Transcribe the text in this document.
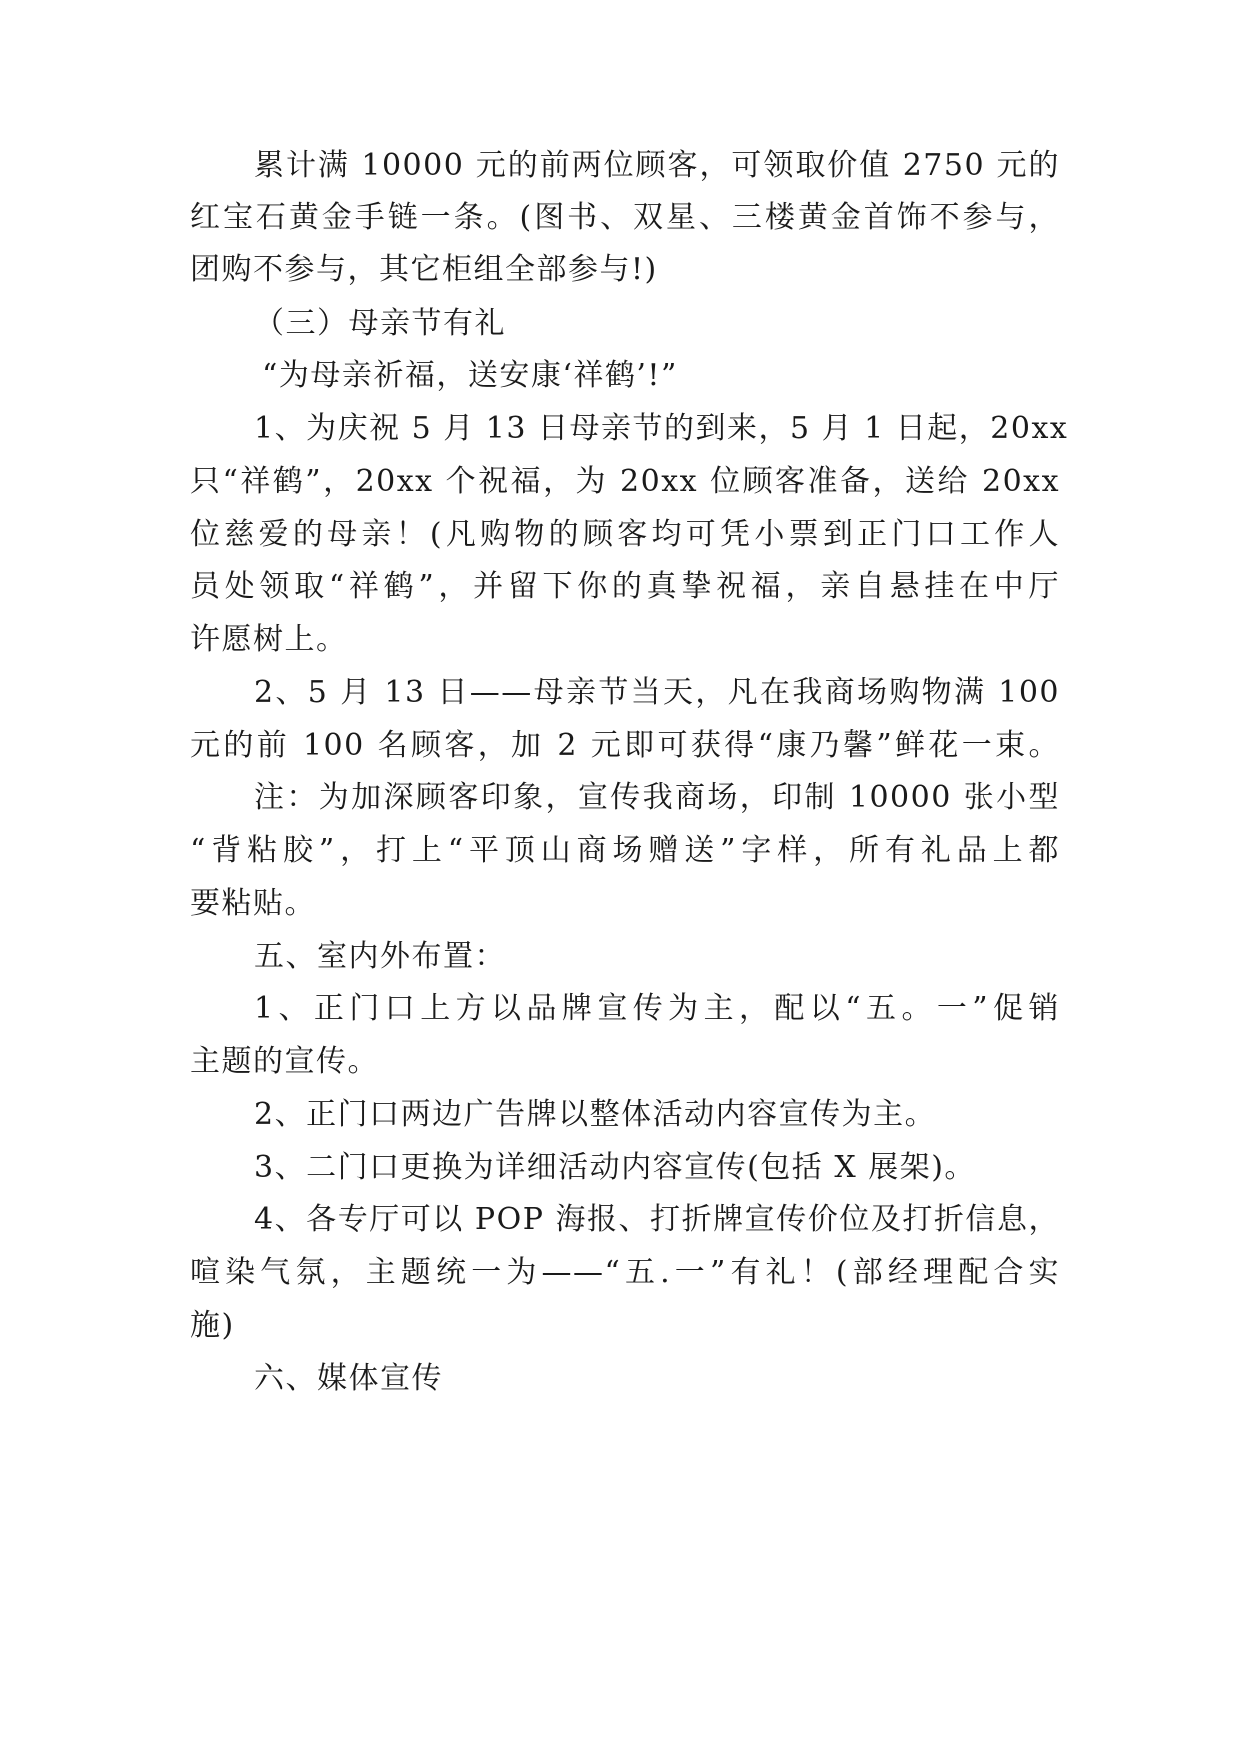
累计满 10000 元的前两位顾客，可领取价值 2750 元的
红宝石黄金手链一条。(图书、双星、三楼黄金首饰不参与，
团购不参与，其它柜组全部参与!)
（三）母亲节有礼
“为母亲祈福，送安康‘祥鹤’!”
1、为庆祝 5 月 13 日母亲节的到来，5 月 1 日起，20xx
只“祥鹤”，20xx 个祝福，为 20xx 位顾客准备，送给 20xx
位慈爱的母亲！(凡购物的顾客均可凭小票到正门口工作人
员处领取“祥鹤”，并留下你的真挚祝福，亲自悬挂在中厅
许愿树上。
2、5 月 13 日——母亲节当天，凡在我商场购物满 100
元的前 100 名顾客，加 2 元即可获得“康乃馨”鲜花一束。
注：为加深顾客印象，宣传我商场，印制 10000 张小型
“背粘胶”，打上“平顶山商场赠送”字样，所有礼品上都
要粘贴。
五、室内外布置：
1、正门口上方以品牌宣传为主，配以“五。一”促销
主题的宣传。
2、正门口两边广告牌以整体活动内容宣传为主。
3、二门口更换为详细活动内容宣传(包括 X 展架)。
4、各专厅可以 POP 海报、打折牌宣传价位及打折信息，
喧染气氛，主题统一为——“五.一”有礼！(部经理配合实
施)
六、媒体宣传
